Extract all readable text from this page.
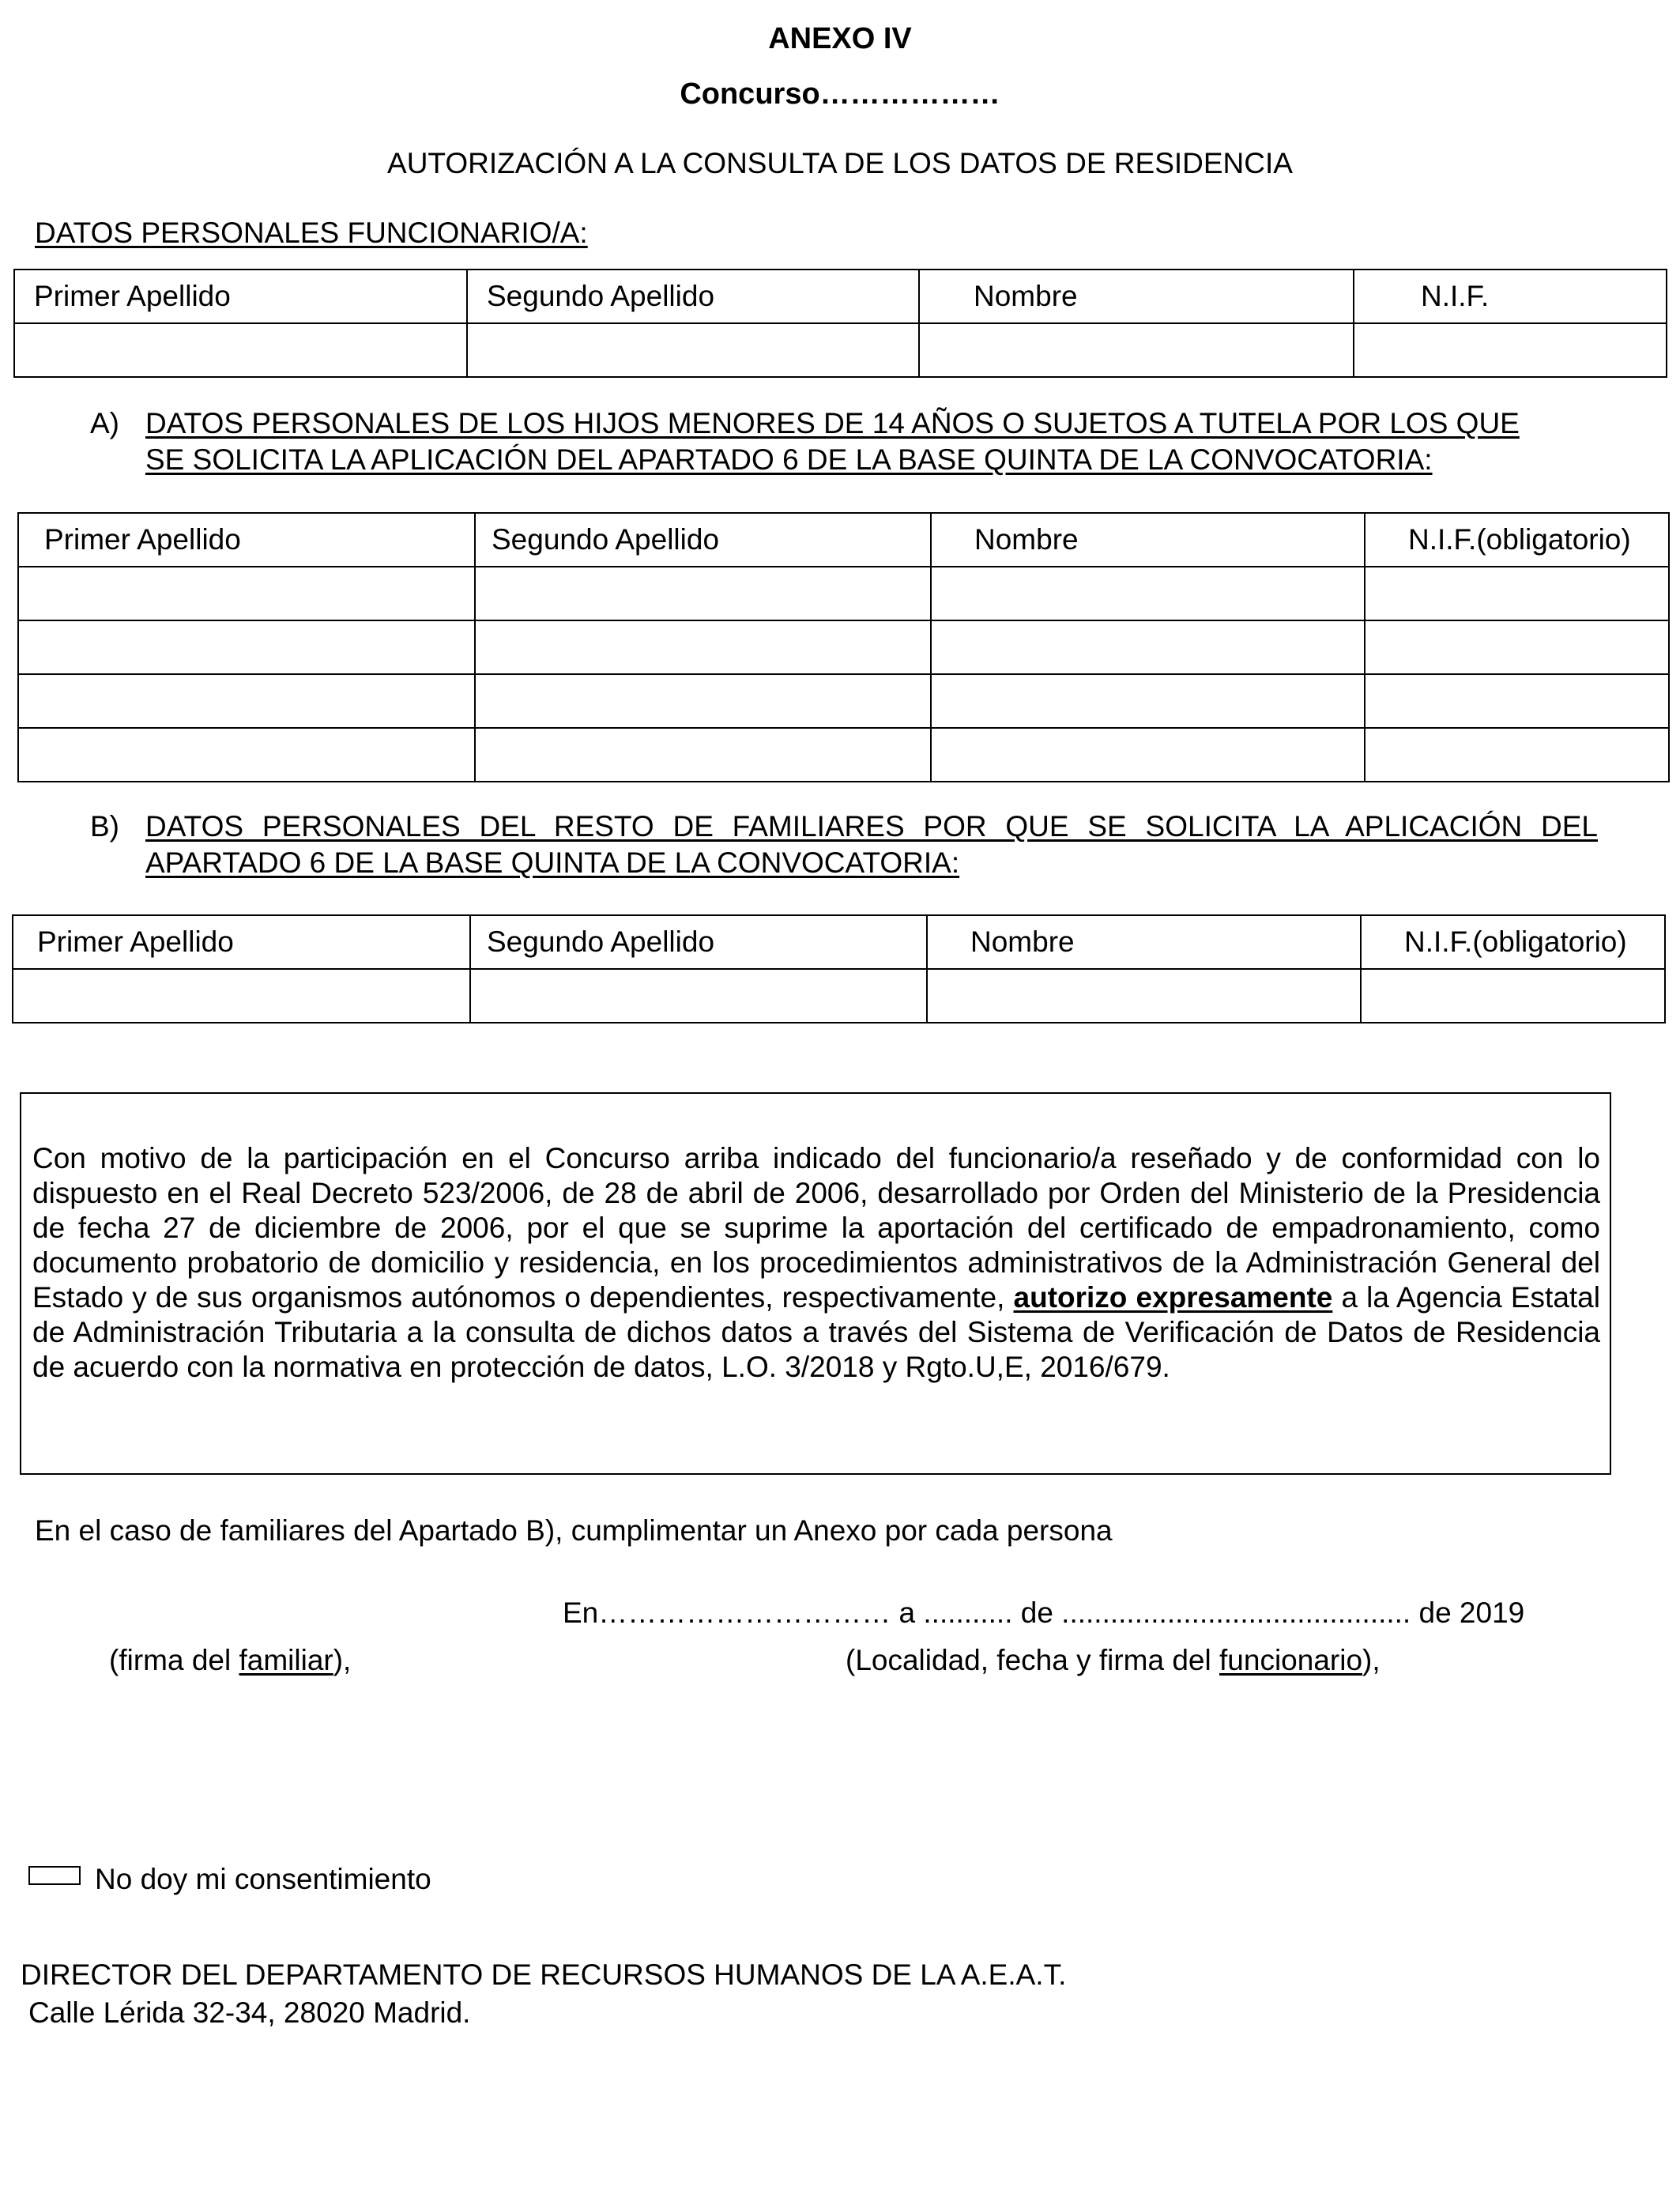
ANEXO IV
Concurso………………
AUTORIZACIÓN A LA CONSULTA DE LOS DATOS DE RESIDENCIA
DATOS PERSONALES FUNCIONARIO/A:
Primer Apellido	Segundo Apellido	Nombre	N.I.F.

A) DATOS PERSONALES DE LOS HIJOS MENORES DE 14 AÑOS O SUJETOS A TUTELA POR LOS QUE
SE SOLICITA LA APLICACIÓN DEL APARTADO 6 DE LA BASE QUINTA DE LA CONVOCATORIA:
Primer Apellido	Segundo Apellido	Nombre	N.I.F.(obligatorio)

B) DATOS PERSONALES DEL RESTO DE FAMILIARES POR QUE SE SOLICITA LA APLICACIÓN DEL
APARTADO 6 DE LA BASE QUINTA DE LA CONVOCATORIA:
Primer Apellido	Segundo Apellido	Nombre	N.I.F.(obligatorio)

Con motivo de la participación en el Concurso arriba indicado del funcionario/a reseñado y de conformidad con lo dispuesto en el Real Decreto 523/2006, de 28 de abril de 2006, desarrollado por Orden del Ministerio de la Presidencia de fecha 27 de diciembre de 2006, por el que se suprime la aportación del certificado de empadronamiento, como documento probatorio de domicilio y residencia, en los procedimientos administrativos de la Administración General del Estado y de sus organismos autónomos o dependientes, respectivamente, autorizo expresamente a la Agencia Estatal de Administración Tributaria a la consulta de dichos datos a través del Sistema de Verificación de Datos de Residencia de acuerdo con la normativa en protección de datos, L.O. 3/2018 y Rgto.U,E, 2016/679.
En el caso de familiares del Apartado B), cumplimentar un Anexo por cada persona
En………………………… a ........... de ........................................... de 2019
(firma del familiar),	(Localidad, fecha y firma del funcionario),
No doy mi consentimiento
DIRECTOR DEL DEPARTAMENTO DE RECURSOS HUMANOS DE LA A.E.A.T.
Calle Lérida 32-34, 28020 Madrid.
